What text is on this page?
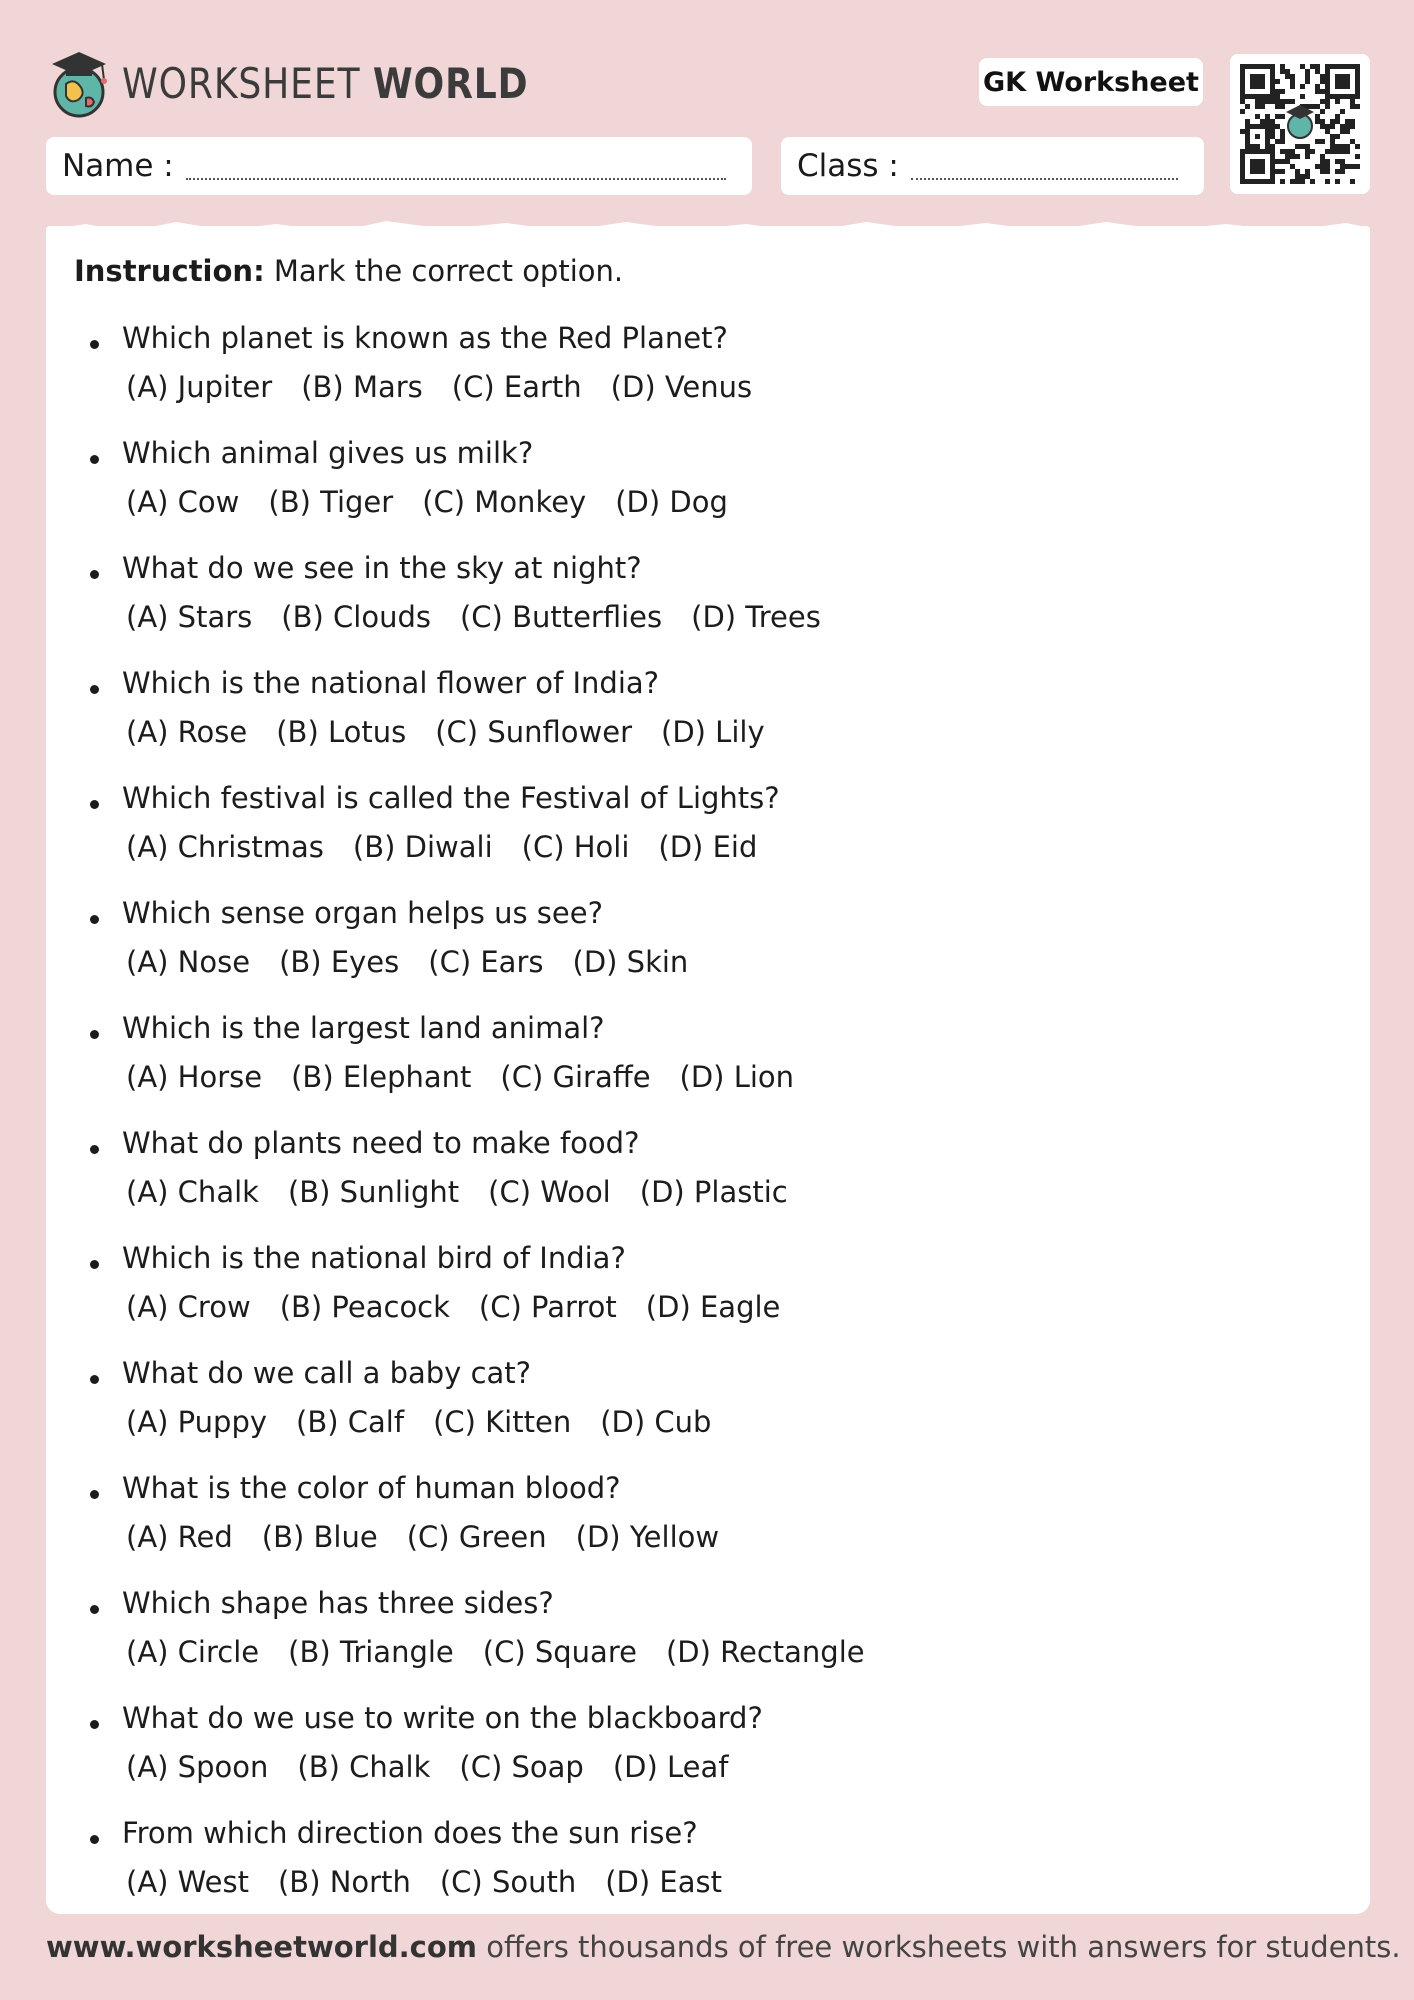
WORKSHEET WORLD	GK Worksheet
Name :	Class :
Instruction: Mark the correct option.
Which planet is known as the Red Planet?
(A) Jupiter (B) Mars (C) Earth (D) Venus
Which animal gives us milk?
(A) Cow (B) Tiger (C) Monkey (D) Dog
What do we see in the sky at night?
(A) Stars (B) Clouds (C) Butterflies (D) Trees
Which is the national flower of India?
(A) Rose (B) Lotus (C) Sunflower (D) Lily
Which festival is called the Festival of Lights?
(A) Christmas (B) Diwali (C) Holi (D) Eid
Which sense organ helps us see?
(A) Nose (B) Eyes (C) Ears (D) Skin
Which is the largest land animal?
(A) Horse (B) Elephant (C) Giraffe (D) Lion
What do plants need to make food?
(A) Chalk (B) Sunlight (C) Wool (D) Plastic
Which is the national bird of India?
(A) Crow (B) Peacock (C) Parrot (D) Eagle
What do we call a baby cat?
(A) Puppy (B) Calf (C) Kitten (D) Cub
What is the color of human blood?
(A) Red (B) Blue (C) Green (D) Yellow
Which shape has three sides?
(A) Circle (B) Triangle (C) Square (D) Rectangle
What do we use to write on the blackboard?
(A) Spoon (B) Chalk (C) Soap (D) Leaf
From which direction does the sun rise?
(A) West (B) North (C) South (D) East
www.worksheetworld.com offers thousands of free worksheets with answers for students.
